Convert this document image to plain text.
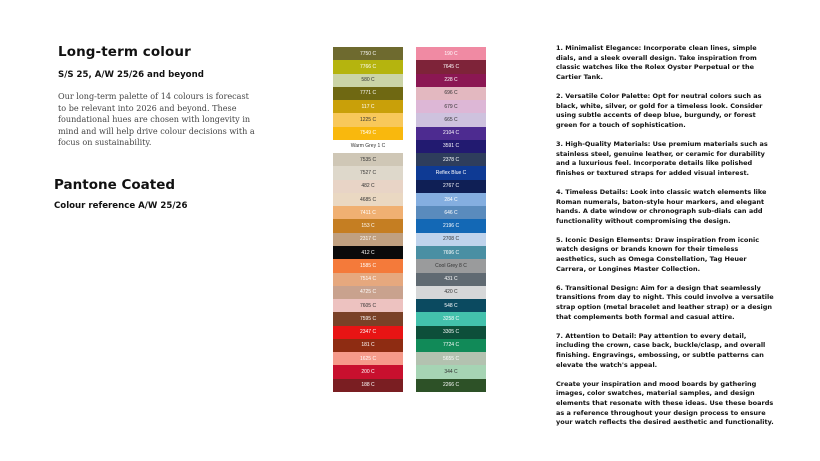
Long-term colour
S/S 25, A/W 25/26 and beyond

Our long-term palette of 14 colours is forecast to be relevant into 2026 and beyond. These foundational hues are chosen with longevity in mind and will help drive colour decisions with a focus on sustainability.

Pantone Coated
Colour reference A/W 25/26
7750 C
7766 C
580 C
7771 C
117 C
1225 C
7549 C
Warm Grey 1 C
7535 C
7527 C
482 C
4685 C
7411 C
153 C
2317 C
412 C
1585 C
7514 C
4725 C
7605 C
7595 C
2347 C
181 C
1625 C
200 C
188 C
190 C
7645 C
228 C
696 C
679 C
665 C
2104 C
3591 C
2378 C
Reflex Blue C
2767 C
284 C
646 C
2196 C
2708 C
7696 C
Cool Grey 8 C
431 C
420 C
548 C
3258 C
3305 C
7724 C
5655 C
344 C
2266 C

1. Minimalist Elegance: Incorporate clean lines, simple dials, and a sleek overall design. Take inspiration from classic watches like the Rolex Oyster Perpetual or the Cartier Tank.

2. Versatile Color Palette: Opt for neutral colors such as black, white, silver, or gold for a timeless look. Consider using subtle accents of deep blue, burgundy, or forest green for a touch of sophistication.

3. High-Quality Materials: Use premium materials such as stainless steel, genuine leather, or ceramic for durability and a luxurious feel. Incorporate details like polished finishes or textured straps for added visual interest.

4. Timeless Details: Look into classic watch elements like Roman numerals, baton-style hour markers, and elegant hands. A date window or chronograph sub-dials can add functionality without compromising the design.

5. Iconic Design Elements: Draw inspiration from iconic watch designs or brands known for their timeless aesthetics, such as Omega Constellation, Tag Heuer Carrera, or Longines Master Collection.

6. Transitional Design: Aim for a design that seamlessly transitions from day to night. This could involve a versatile strap option (metal bracelet and leather strap) or a design that complements both formal and casual attire.

7. Attention to Detail: Pay attention to every detail, including the crown, case back, buckle/clasp, and overall finishing. Engravings, embossing, or subtle patterns can elevate the watch's appeal.

Create your inspiration and mood boards by gathering images, color swatches, material samples, and design elements that resonate with these ideas. Use these boards as a reference throughout your design process to ensure your watch reflects the desired aesthetic and functionality.
